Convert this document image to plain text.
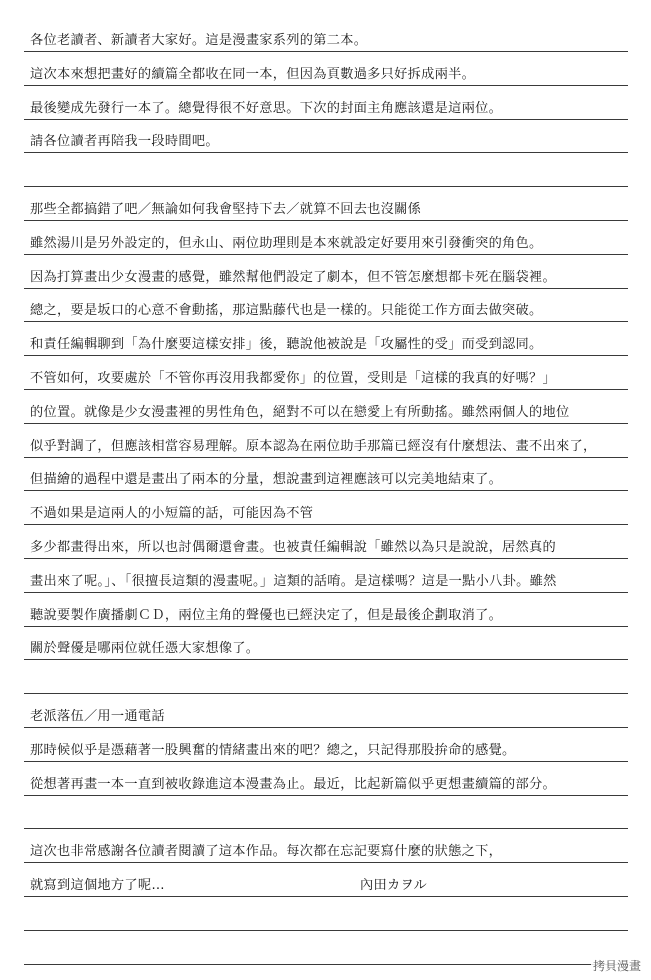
各位老讀者、新讀者大家好。這是漫畫家系列的第二本。
這次本來想把畫好的續篇全都收在同一本，但因為頁數過多只好拆成兩半。
最後變成先發行一本了。總覺得很不好意思。下次的封面主角應該還是這兩位。
請各位讀者再陪我一段時間吧。
那些全都搞錯了吧／無論如何我會堅持下去／就算不回去也沒關係
雖然湯川是另外設定的，但永山、兩位助理則是本來就設定好要用來引發衝突的角色。
因為打算畫出少女漫畫的感覺，雖然幫他們設定了劇本，但不管怎麼想都卡死在腦袋裡。
總之，要是坂口的心意不會動搖，那這點藤代也是一樣的。只能從工作方面去做突破。
和責任編輯聊到「為什麼要這樣安排」後，聽說他被說是「攻屬性的受」而受到認同。
不管如何，攻要處於「不管你再沒用我都愛你」的位置，受則是「這樣的我真的好嗎？」
的位置。就像是少女漫畫裡的男性角色，絕對不可以在戀愛上有所動搖。雖然兩個人的地位
似乎對調了，但應該相當容易理解。原本認為在兩位助手那篇已經沒有什麼想法、畫不出來了，
但描繪的過程中還是畫出了兩本的分量，想說畫到這裡應該可以完美地結束了。
不過如果是這兩人的小短篇的話，可能因為不管
多少都畫得出來，所以也討偶爾還會畫。也被責任編輯說「雖然以為只是說說，居然真的
畫出來了呢。」、「很擅長這類的漫畫呢。」這類的話唷。是這樣嗎？這是一點小八卦。雖然
聽說要製作廣播劇ＣＤ，兩位主角的聲優也已經決定了，但是最後企劃取消了。
關於聲優是哪兩位就任憑大家想像了。
老派落伍／用一通電話
那時候似乎是憑藉著一股興奮的情緒畫出來的吧？總之，只記得那股拚命的感覺。
從想著再畫一本一直到被收錄進這本漫畫為止。最近，比起新篇似乎更想畫續篇的部分。
這次也非常感謝各位讀者閱讀了這本作品。每次都在忘記要寫什麼的狀態之下，
就寫到這個地方了呢…	內田カヲル
拷貝漫畫
